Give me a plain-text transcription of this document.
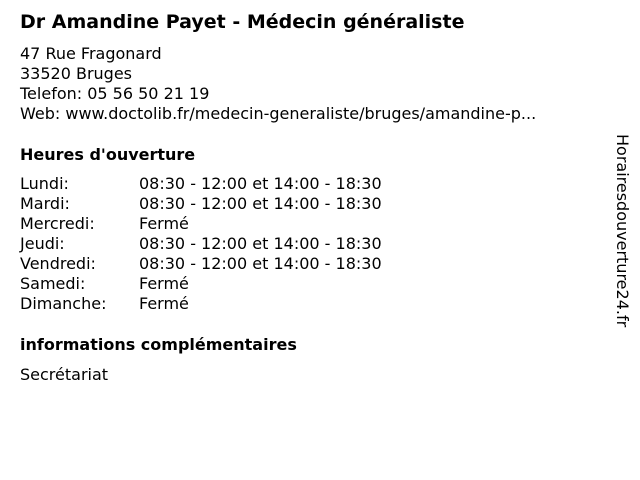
Dr Amandine Payet - Médecin généraliste
47 Rue Fragonard
33520 Bruges
Telefon: 05 56 50 21 19
Web: www.doctolib.fr/medecin-generaliste/bruges/amandine-p...
Heures d'ouverture
Lundi:	08:30 - 12:00 et 14:00 - 18:30
Mardi:	08:30 - 12:00 et 14:00 - 18:30
Mercredi:	Fermé
Jeudi:	08:30 - 12:00 et 14:00 - 18:30
Vendredi:	08:30 - 12:00 et 14:00 - 18:30
Samedi:	Fermé
Dimanche:	Fermé
informations complémentaires
Secrétariat
Horairesdouverture24.fr
